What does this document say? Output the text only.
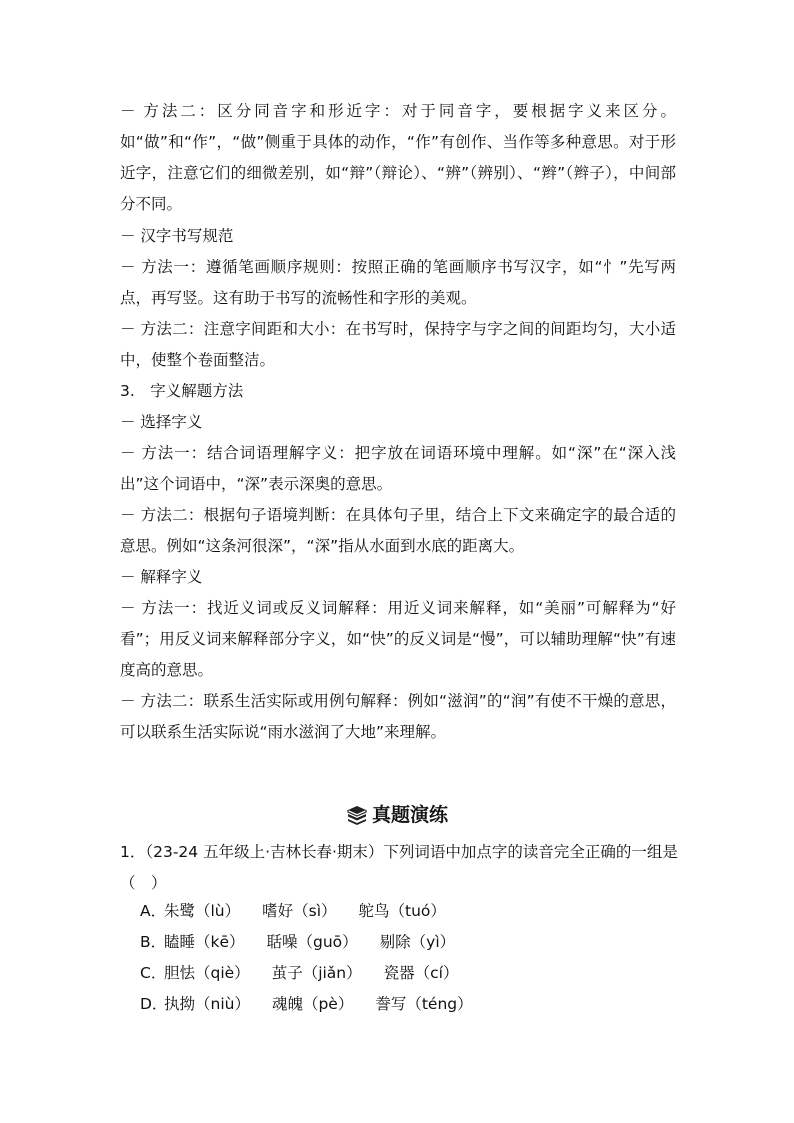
－ 方法二：区分同音字和形近字：对于同音字，要根据字义来区分。如“做”和“作”，“做”侧重于具体的动作，“作”有创作、当作等多种意思。对于形近字，注意它们的细微差别，如“辩”（辩论）、“辨”（辨别）、“辫”（辫子），中间部分不同。

－ 汉字书写规范

－ 方法一：遵循笔画顺序规则：按照正确的笔画顺序书写汉字，如“忄”先写两点，再写竖。这有助于书写的流畅性和字形的美观。

－ 方法二：注意字间距和大小：在书写时，保持字与字之间的间距均匀，大小适中，使整个卷面整洁。

3.　字义解题方法

－ 选择字义

－ 方法一：结合词语理解字义：把字放在词语环境中理解。如“深”在“深入浅出”这个词语中，“深”表示深奥的意思。

－ 方法二：根据句子语境判断：在具体句子里，结合上下文来确定字的最合适的意思。例如“这条河很深”，“深”指从水面到水底的距离大。

－ 解释字义

－ 方法一：找近义词或反义词解释：用近义词来解释，如“美丽”可解释为“好看”；用反义词来解释部分字义，如“快”的反义词是“慢”，可以辅助理解“快”有速度高的意思。

－ 方法二：联系生活实际或用例句解释：例如“滋润”的“润”有使不干燥的意思，可以联系生活实际说“雨水滋润了大地”来理解。

真题演练
1．（23-24 五年级上·吉林长春·期末）下列词语中加点字的读音完全正确的一组是（　）
A．朱鹭（lù） 嗜好（sì） 鸵鸟（tuó）
B．瞌睡（kē） 聒噪（guō） 剔除（yì）
C．胆怯（qiè） 茧子（jiǎn） 瓷器（cí）
D．执拗（niù） 魂魄（pè） 誊写（téng）
